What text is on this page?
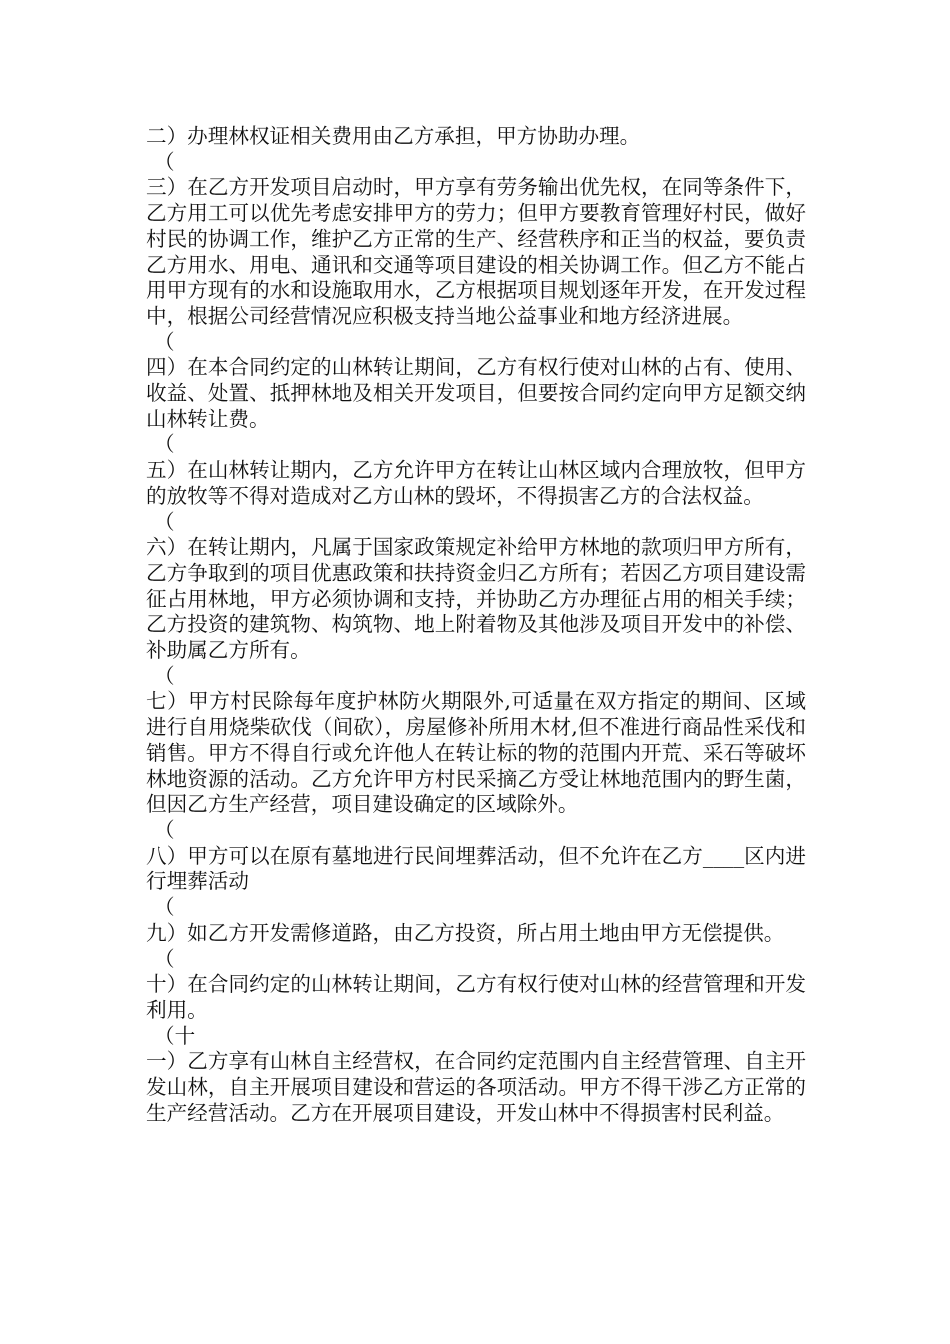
二）办理林权证相关费用由乙方承担，甲方协助办理。

（

三）在乙方开发项目启动时，甲方享有劳务输出优先权，在同等条件下，乙方用工可以优先考虑安排甲方的劳力；但甲方要教育管理好村民，做好村民的协调工作，维护乙方正常的生产、经营秩序和正当的权益，要负责乙方用水、用电、通讯和交通等项目建设的相关协调工作。但乙方不能占用甲方现有的水和设施取用水，乙方根据项目规划逐年开发，在开发过程中，根据公司经营情况应积极支持当地公益事业和地方经济进展。

（

四）在本合同约定的山林转让期间，乙方有权行使对山林的占有、使用、收益、处置、抵押林地及相关开发项目，但要按合同约定向甲方足额交纳山林转让费。

（

五）在山林转让期内，乙方允许甲方在转让山林区域内合理放牧，但甲方的放牧等不得对造成对乙方山林的毁坏，不得损害乙方的合法权益。

（

六）在转让期内，凡属于国家政策规定补给甲方林地的款项归甲方所有，乙方争取到的项目优惠政策和扶持资金归乙方所有；若因乙方项目建设需征占用林地，甲方必须协调和支持，并协助乙方办理征占用的相关手续；乙方投资的建筑物、构筑物、地上附着物及其他涉及项目开发中的补偿、补助属乙方所有。

（

七）甲方村民除每年度护林防火期限外,可适量在双方指定的期间、区域进行自用烧柴砍伐（间砍），房屋修补所用木材,但不准进行商品性采伐和销售。甲方不得自行或允许他人在转让标的物的范围内开荒、采石等破坏林地资源的活动。乙方允许甲方村民采摘乙方受让林地范围内的野生菌，但因乙方生产经营，项目建设确定的区域除外。

（

八）甲方可以在原有墓地进行民间埋葬活动，但不允许在乙方____区内进行埋葬活动

（

九）如乙方开发需修道路，由乙方投资，所占用土地由甲方无偿提供。

（

十）在合同约定的山林转让期间，乙方有权行使对山林的经营管理和开发利用。

（十

一）乙方享有山林自主经营权，在合同约定范围内自主经营管理、自主开发山林，自主开展项目建设和营运的各项活动。甲方不得干涉乙方正常的生产经营活动。乙方在开展项目建设，开发山林中不得损害村民利益。
